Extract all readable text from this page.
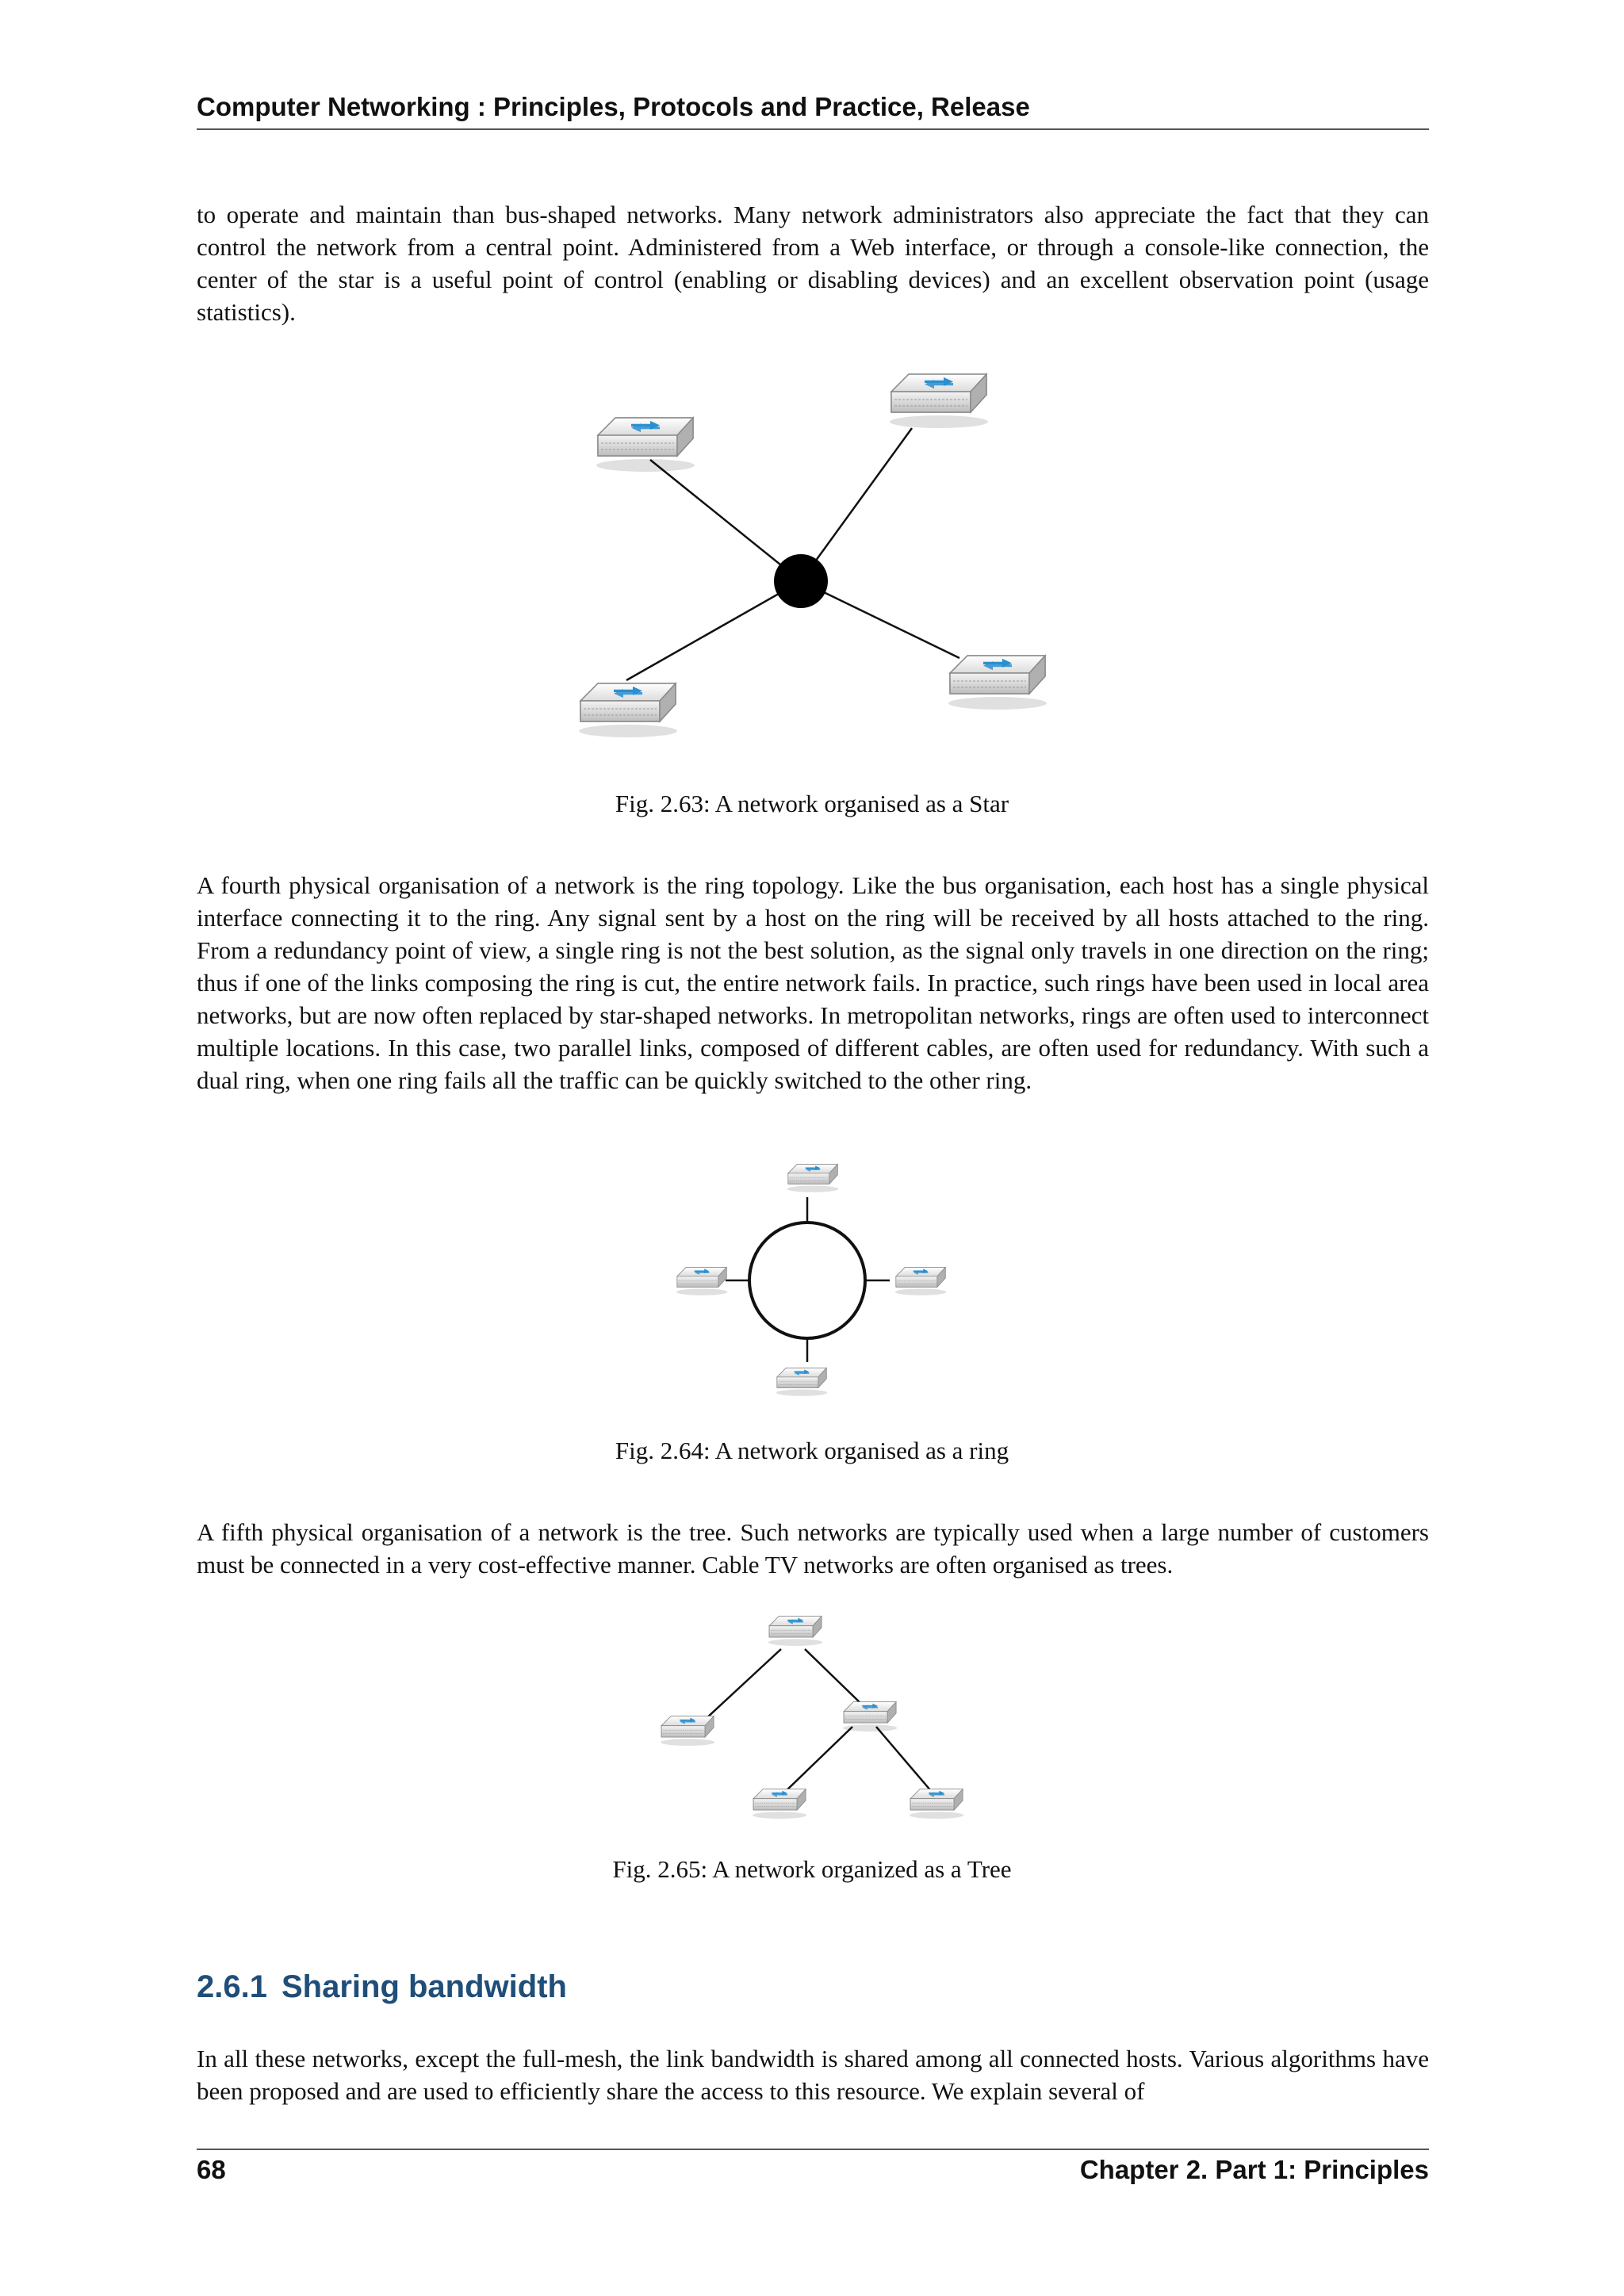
Computer Networking : Principles, Protocols and Practice, Release

to operate and maintain than bus-shaped networks. Many network administrators also appreciate the fact that they can control the network from a central point. Administered from a Web interface, or through a console-like connection, the center of the star is a useful point of control (enabling or disabling devices) and an excellent observation point (usage statistics).

Fig. 2.63: A network organised as a Star

A fourth physical organisation of a network is the ring topology. Like the bus organisation, each host has a single physical interface connecting it to the ring. Any signal sent by a host on the ring will be received by all hosts attached to the ring. From a redundancy point of view, a single ring is not the best solution, as the signal only travels in one direction on the ring; thus if one of the links composing the ring is cut, the entire network fails. In practice, such rings have been used in local area networks, but are now often replaced by star-shaped networks. In metropolitan networks, rings are often used to interconnect multiple locations. In this case, two parallel links, composed of different cables, are often used for redundancy. With such a dual ring, when one ring fails all the traffic can be quickly switched to the other ring.

Fig. 2.64: A network organised as a ring

A fifth physical organisation of a network is the tree. Such networks are typically used when a large number of customers must be connected in a very cost-effective manner. Cable TV networks are often organised as trees.

Fig. 2.65: A network organized as a Tree
2.6.1 Sharing bandwidth

In all these networks, except the full-mesh, the link bandwidth is shared among all connected hosts. Various algorithms have been proposed and are used to efficiently share the access to this resource. We explain several of

68	Chapter 2. Part 1: Principles
